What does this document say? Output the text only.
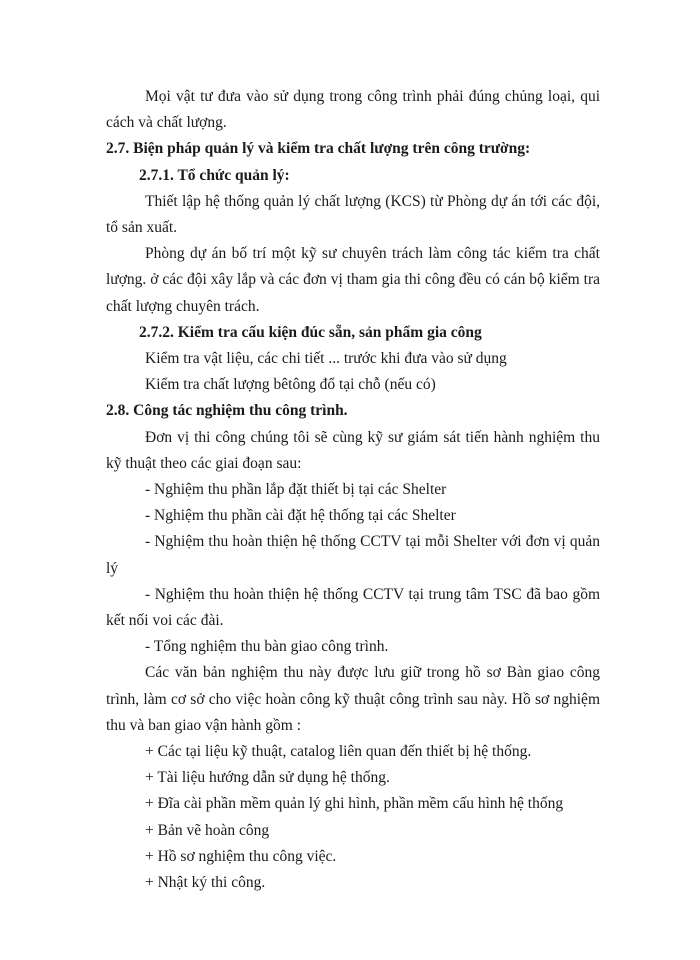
Mọi vật tư đưa vào sử dụng trong công trình phải đúng chủng loại, qui cách và chất lượng.

2.7. Biện pháp quản lý và kiểm tra chất lượng trên công trường:

2.7.1. Tổ chức quản lý:

Thiết lập hệ thống quản lý chất lượng (KCS) từ Phòng dự án tới các đội, tổ sản xuất.

Phòng dự án bố trí một kỹ sư chuyên trách làm công tác kiểm tra chất lượng. ở các đội xây lắp và các đơn vị tham gia thi công đều có cán bộ kiểm tra chất lượng chuyên trách.

2.7.2. Kiểm tra cấu kiện đúc sẵn, sản phẩm gia công

Kiểm tra vật liệu, các chi tiết ... trước khi đưa vào sử dụng

Kiểm tra chất lượng bêtông đổ tại chỗ (nếu có)

2.8. Công tác nghiệm thu công trình.

Đơn vị thi công chúng tôi sẽ cùng kỹ sư giám sát tiến hành nghiệm thu kỹ thuật theo các giai đoạn sau:

- Nghiệm thu phần lắp đặt thiết bị tại các Shelter

- Nghiệm thu phần cài đặt hệ thống tại các Shelter

- Nghiệm thu hoàn thiện hệ thống CCTV tại mỗi Shelter với đơn vị quản lý

- Nghiệm thu hoàn thiện hệ thống CCTV tại trung tâm TSC đã bao gồm kết nối voi các đài.

- Tổng nghiệm thu bàn giao công trình.

Các văn bản nghiệm thu này được lưu giữ trong hồ sơ Bàn giao công trình, làm cơ sở cho việc hoàn công kỹ thuật công trình sau này. Hồ sơ nghiệm thu và ban giao vận hành gồm :

+ Các tại liệu kỹ thuật, catalog liên quan đến thiết bị hệ thống.

+ Tài liệu hướng dẫn sử dụng hệ thống.

+ Đĩa cài phần mềm quản lý ghi hình, phần mềm cấu hình hệ thống

+ Bản vẽ hoàn công

+ Hồ sơ nghiệm thu công việc.

+ Nhật ký thi công.
